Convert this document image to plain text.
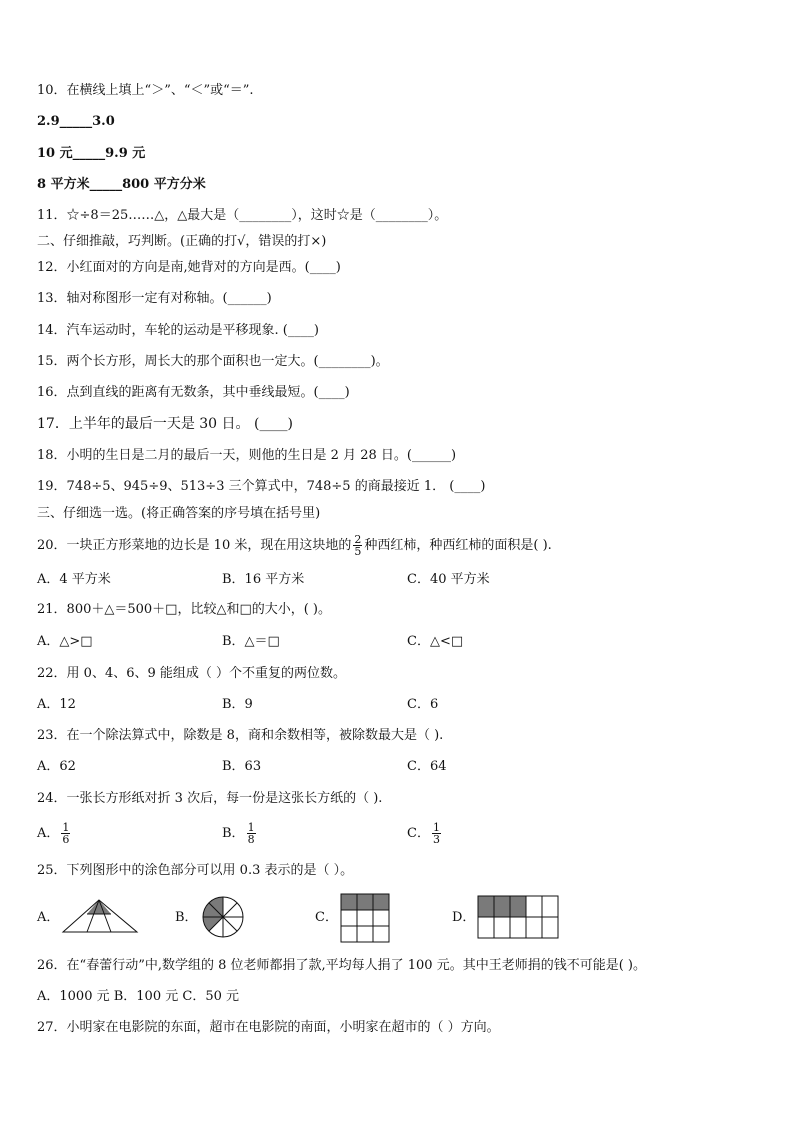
10．在横线上填上“＞”、“＜”或“＝”.
2.9_____3.0
10 元_____9.9 元
8 平方米_____800 平方分米
11．☆÷8＝25……△，△最大是（________），这时☆是（________）。
二、仔细推敲，巧判断。(正确的打√，错误的打×)
12．小红面对的方向是南,她背对的方向是西。(____)
13．轴对称图形一定有对称轴。(______)
14．汽车运动时，车轮的运动是平移现象. (____)
15．两个长方形，周长大的那个面积也一定大。(________)。
16．点到直线的距离有无数条，其中垂线最短。(____)
17．上半年的最后一天是 30 日。 (____)
18．小明的生日是二月的最后一天，则他的生日是 2 月 28 日。(______)
19．748÷5、945÷9、513÷3 三个算式中，748÷5 的商最接近 1． (____)
三、仔细选一选。(将正确答案的序号填在括号里)
20．一块正方形菜地的边长是 10 米，现在用这块地的 $\frac{2}{5}$ 种西红柿，种西红柿的面积是( ).
A．4 平方米	B．16 平方米	C．40 平方米
21．800＋△＝500＋□，比较△和□的大小，( )。
A．△>□	B．△＝□	C．△<□
22．用 0、4、6、9 能组成（ ）个不重复的两位数。
A．12	B．9	C．6
23．在一个除法算式中，除数是 8，商和余数相等，被除数最大是（ ).
A．62	B．63	C．64
24．一张长方形纸对折 3 次后，每一份是这张长方纸的（ ).
A． $\frac{1}{6}$	B． $\frac{1}{8}$	C． $\frac{1}{3}$
25．下列图形中的涂色部分可以用 0.3 表示的是（ ）。
A．	B．	C．	D．
26．在“春蕾行动”中,数学组的 8 位老师都捐了款,平均每人捐了 100 元。其中王老师捐的钱不可能是( )。
A．1000 元 B．100 元 C．50 元
27．小明家在电影院的东面，超市在电影院的南面，小明家在超市的（ ）方向。
